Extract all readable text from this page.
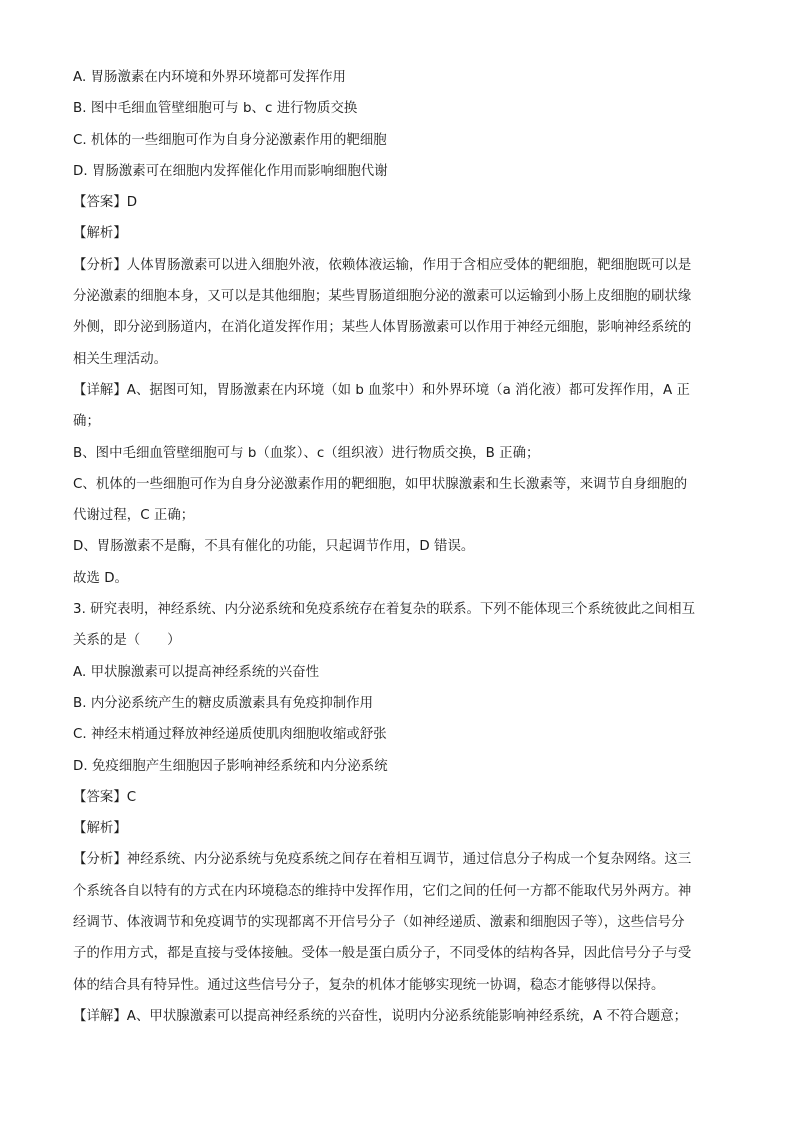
A. 胃肠激素在内环境和外界环境都可发挥作用
B. 图中毛细血管壁细胞可与 b、c 进行物质交换
C. 机体的一些细胞可作为自身分泌激素作用的靶细胞
D. 胃肠激素可在细胞内发挥催化作用而影响细胞代谢
【答案】D
【解析】
【分析】人体胃肠激素可以进入细胞外液，依赖体液运输，作用于含相应受体的靶细胞，靶细胞既可以是
分泌激素的细胞本身，又可以是其他细胞；某些胃肠道细胞分泌的激素可以运输到小肠上皮细胞的刷状缘
外侧，即分泌到肠道内，在消化道发挥作用；某些人体胃肠激素可以作用于神经元细胞，影响神经系统的
相关生理活动。
【详解】A、据图可知，胃肠激素在内环境（如 b 血浆中）和外界环境（a 消化液）都可发挥作用，A 正
确；
B、图中毛细血管壁细胞可与 b（血浆）、c（组织液）进行物质交换，B 正确；
C、机体的一些细胞可作为自身分泌激素作用的靶细胞，如甲状腺激素和生长激素等，来调节自身细胞的
代谢过程，C 正确；
D、胃肠激素不是酶，不具有催化的功能，只起调节作用，D 错误。
故选 D。
3. 研究表明，神经系统、内分泌系统和免疫系统存在着复杂的联系。下列不能体现三个系统彼此之间相互
关系的是（　　）
A. 甲状腺激素可以提高神经系统的兴奋性
B. 内分泌系统产生的糖皮质激素具有免疫抑制作用
C. 神经末梢通过释放神经递质使肌肉细胞收缩或舒张
D. 免疫细胞产生细胞因子影响神经系统和内分泌系统
【答案】C
【解析】
【分析】神经系统、内分泌系统与免疫系统之间存在着相互调节，通过信息分子构成一个复杂网络。这三
个系统各自以特有的方式在内环境稳态的维持中发挥作用，它们之间的任何一方都不能取代另外两方。神
经调节、体液调节和免疫调节的实现都离不开信号分子（如神经递质、激素和细胞因子等），这些信号分
子的作用方式，都是直接与受体接触。受体一般是蛋白质分子，不同受体的结构各异，因此信号分子与受
体的结合具有特异性。通过这些信号分子，复杂的机体才能够实现统一协调，稳态才能够得以保持。
【详解】A、甲状腺激素可以提高神经系统的兴奋性，说明内分泌系统能影响神经系统，A 不符合题意；
